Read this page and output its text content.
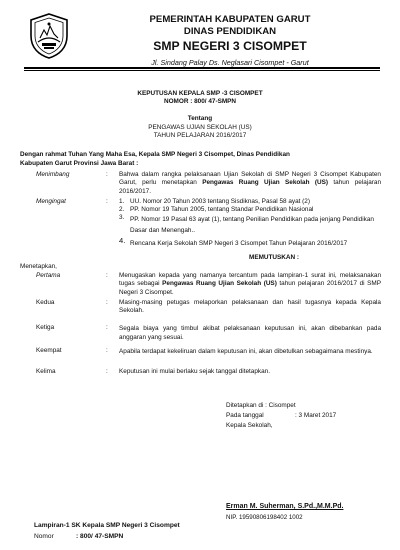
PEMERINTAH KABUPATEN GARUT
DINAS PENDIDIKAN
SMP NEGERI 3 CISOMPET
Jl. Sindang Palay Ds. Neglasari Cisompet - Garut
KEPUTUSAN KEPALA SMP -3 CISOMPET
NOMOR : 800/ 47-SMPN
Tentang
PENGAWAS UJIAN SEKOLAH (US)
TAHUN PELAJARAN 2016/2017
Dengan rahmat Tuhan Yang Maha Esa, Kepala SMP Negeri 3 Cisompet, Dinas Pendidikan
Kabupaten Garut Provinsi Jawa Barat :
Menimbang	: Bahwa dalam rangka pelaksanaan Ujian Sekolah di SMP Negeri 3 Cisompet Kabupaten Garut, perlu menetapkan Pengawas Ruang Ujian Sekolah (US) tahun pelajaran 2016/2017.
Mengingat	: 1. UU. Nomor 20 Tahun 2003 tentang Sisdiknas, Pasal 58 ayat (2)
2. PP. Nomor 19 Tahun 2005, tentang Standar Pendidikan Nasional
3. PP. Nomor 19 Pasal 63 ayat (1), tentang Penilian Pendidikan pada jenjang Pendidikan Dasar dan Menengah..
4. Rencana Kerja Sekolah SMP Negeri 3 Cisompet Tahun Pelajaran 2016/2017
MEMUTUSKAN :
Menetapkan,
Pertama	: Menugaskan kepada yang namanya tercantum pada lampiran-1 surat ini, melaksanakan tugas sebagai Pengawas Ruang Ujian Sekolah (US) tahun pelajaran 2016/2017 di SMP Negeri 3 Cisompet.
Kedua	: Masing-masing petugas melaporkan pelaksanaan dan hasil tugasnya kepada Kepala Sekolah.
Ketiga	: Segala biaya yang timbul akibat pelaksanaan keputusan ini, akan dibebankan pada anggaran yang sesuai.
Keempat	: Apabila terdapat kekeliruan dalam keputusan ini, akan dibetulkan sebagaimana mestinya.
Kelima	: Keputusan ini mulai berlaku sejak tanggal ditetapkan.
Ditetapkan di : Cisompet
Pada tanggal	: 3 Maret 2017
Kepala Sekolah,
Erman M. Suherman, S.Pd.,M.M.Pd.
NIP. 19590806198402 1002
Lampiran-1 SK Kepala SMP Negeri 3 Cisompet
Nomor	: 800/ 47-SMPN
